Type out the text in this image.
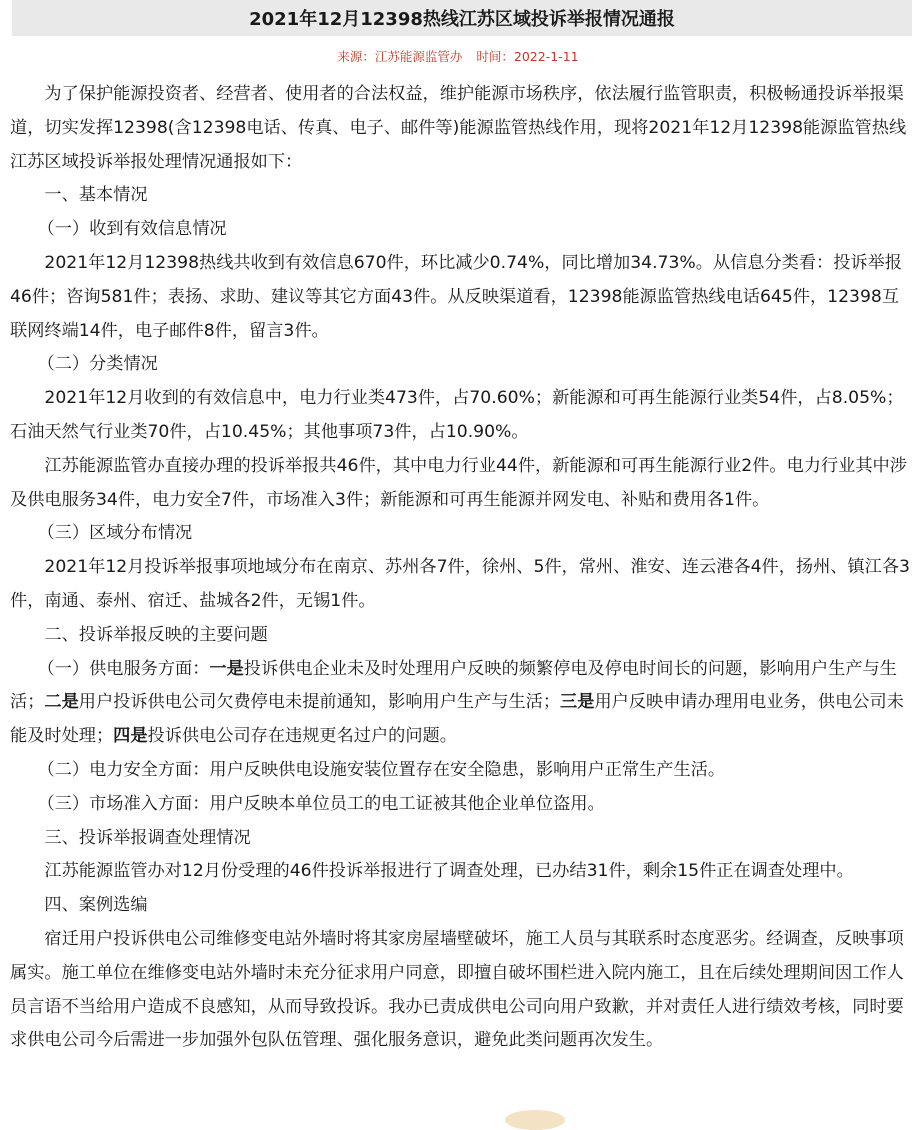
2021年12月12398热线江苏区域投诉举报情况通报
来源：江苏能源监管办 时间：2022-1-11

为了保护能源投资者、经营者、使用者的合法权益，维护能源市场秩序，依法履行监管职责，积极畅通投诉举报渠道，切实发挥12398(含12398电话、传真、电子、邮件等)能源监管热线作用，现将2021年12月12398能源监管热线江苏区域投诉举报处理情况通报如下：

一、基本情况

（一）收到有效信息情况

2021年12月12398热线共收到有效信息670件，环比减少0.74%，同比增加34.73%。从信息分类看：投诉举报46件；咨询581件；表扬、求助、建议等其它方面43件。从反映渠道看，12398能源监管热线电话645件，12398互联网终端14件，电子邮件8件，留言3件。

（二）分类情况

2021年12月收到的有效信息中，电力行业类473件，占70.60%；新能源和可再生能源行业类54件，占8.05%；石油天然气行业类70件，占10.45%；其他事项73件，占10.90%。

江苏能源监管办直接办理的投诉举报共46件，其中电力行业44件，新能源和可再生能源行业2件。电力行业其中涉及供电服务34件，电力安全7件，市场准入3件；新能源和可再生能源并网发电、补贴和费用各1件。

（三）区域分布情况

2021年12月投诉举报事项地域分布在南京、苏州各7件，徐州、5件，常州、淮安、连云港各4件，扬州、镇江各3件，南通、泰州、宿迁、盐城各2件，无锡1件。

二、投诉举报反映的主要问题

（一）供电服务方面：一是投诉供电企业未及时处理用户反映的频繁停电及停电时间长的问题，影响用户生产与生活；二是用户投诉供电公司欠费停电未提前通知，影响用户生产与生活；三是用户反映申请办理用电业务，供电公司未能及时处理；四是投诉供电公司存在违规更名过户的问题。

（二）电力安全方面：用户反映供电设施安装位置存在安全隐患，影响用户正常生产生活。

（三）市场准入方面：用户反映本单位员工的电工证被其他企业单位盗用。

三、投诉举报调查处理情况

江苏能源监管办对12月份受理的46件投诉举报进行了调查处理，已办结31件，剩余15件正在调查处理中。

四、案例选编

宿迁用户投诉供电公司维修变电站外墙时将其家房屋墙壁破坏，施工人员与其联系时态度恶劣。经调查，反映事项属实。施工单位在维修变电站外墙时未充分征求用户同意，即擅自破坏围栏进入院内施工，且在后续处理期间因工作人员言语不当给用户造成不良感知，从而导致投诉。我办已责成供电公司向用户致歉，并对责任人进行绩效考核，同时要求供电公司今后需进一步加强外包队伍管理、强化服务意识，避免此类问题再次发生。
